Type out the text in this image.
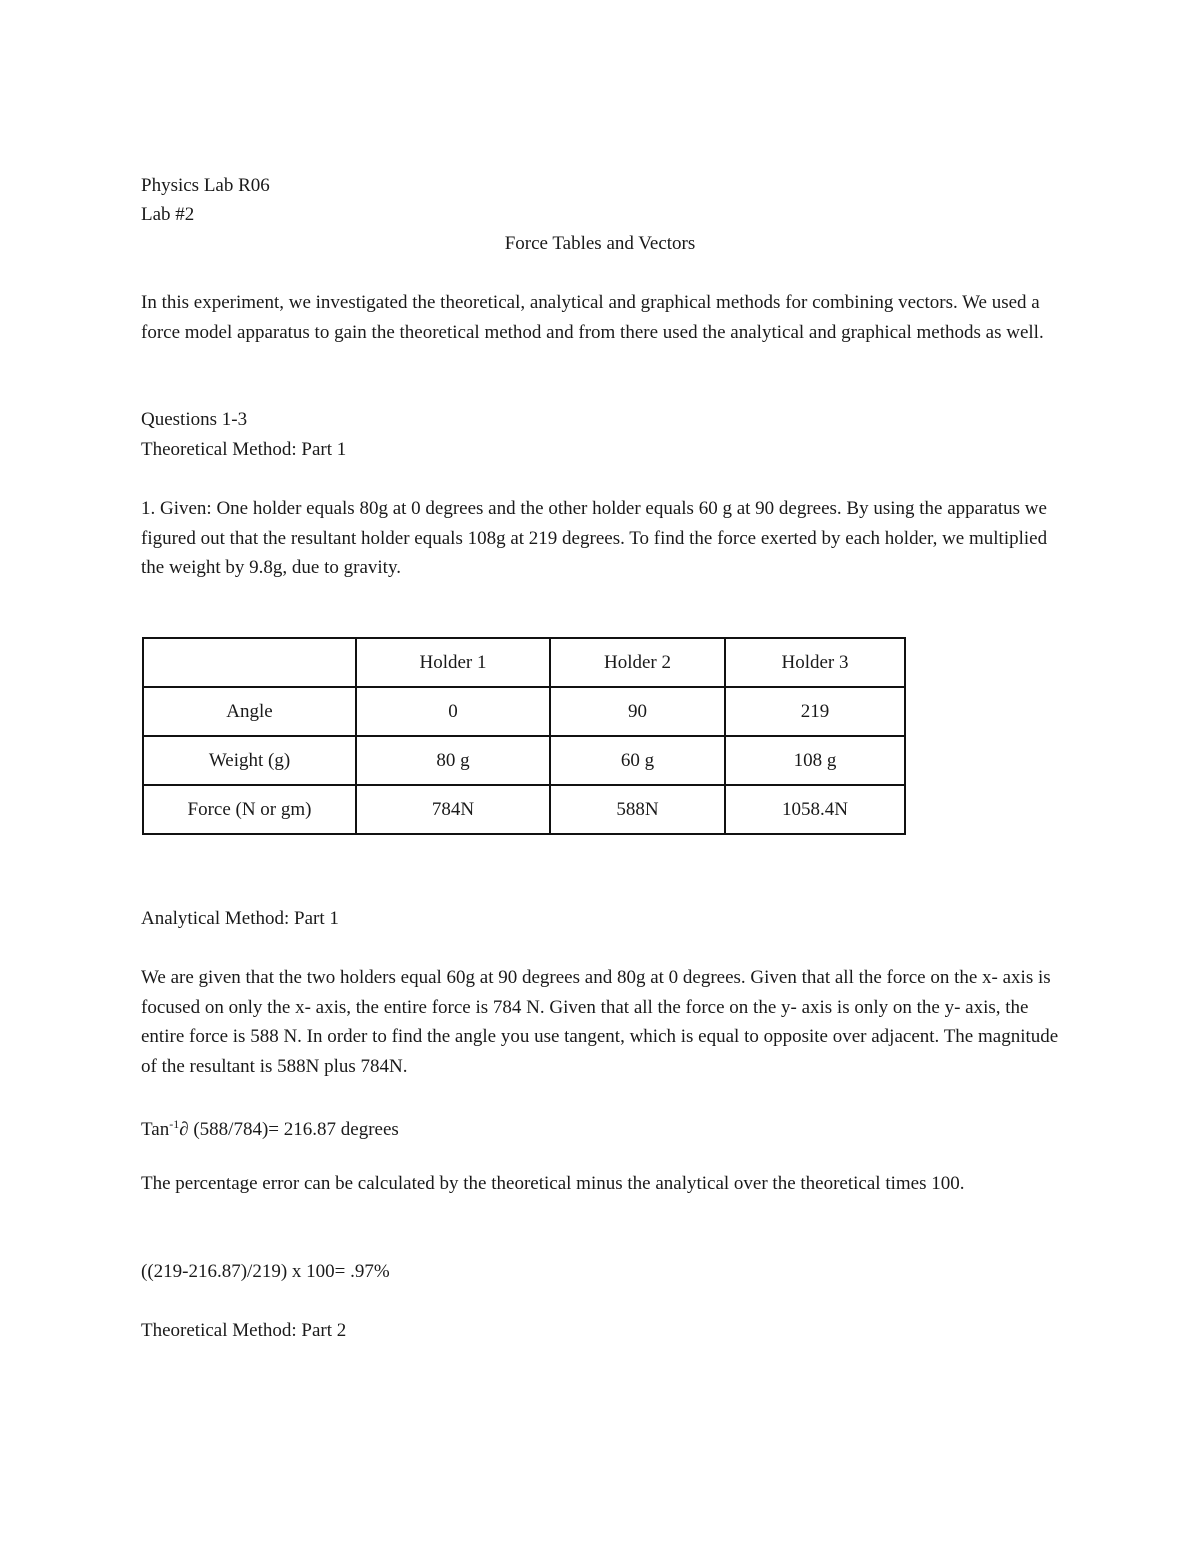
Physics Lab R06
Lab #2
Force Tables and Vectors
In this experiment, we investigated the theoretical, analytical and graphical methods for combining vectors. We used a force model apparatus to gain the theoretical method and from there used the analytical and graphical methods as well.
Questions 1-3
Theoretical Method: Part 1
1. Given: One holder equals 80g at 0 degrees and the other holder equals 60 g at 90 degrees. By using the apparatus we figured out that the resultant holder equals 108g at 219 degrees. To find the force exerted by each holder, we multiplied the weight by 9.8g, due to gravity.
	Holder 1	Holder 2	Holder 3
Angle	0	90	219
Weight (g)	80 g	60 g	108 g
Force (N or gm)	784N	588N	1058.4N
Analytical Method: Part 1
We are given that the two holders equal 60g at 90 degrees and 80g at 0 degrees. Given that all the force on the x- axis is focused on only the x- axis, the entire force is 784 N. Given that all the force on the y- axis is only on the y- axis, the entire force is 588 N. In order to find the angle you use tangent, which is equal to opposite over adjacent. The magnitude of the resultant is 588N plus 784N.
Tan$^{-1}$∂ (588/784)= 216.87 degrees
The percentage error can be calculated by the theoretical minus the analytical over the theoretical times 100.
((219-216.87)/219) x 100= .97%
Theoretical Method: Part 2
